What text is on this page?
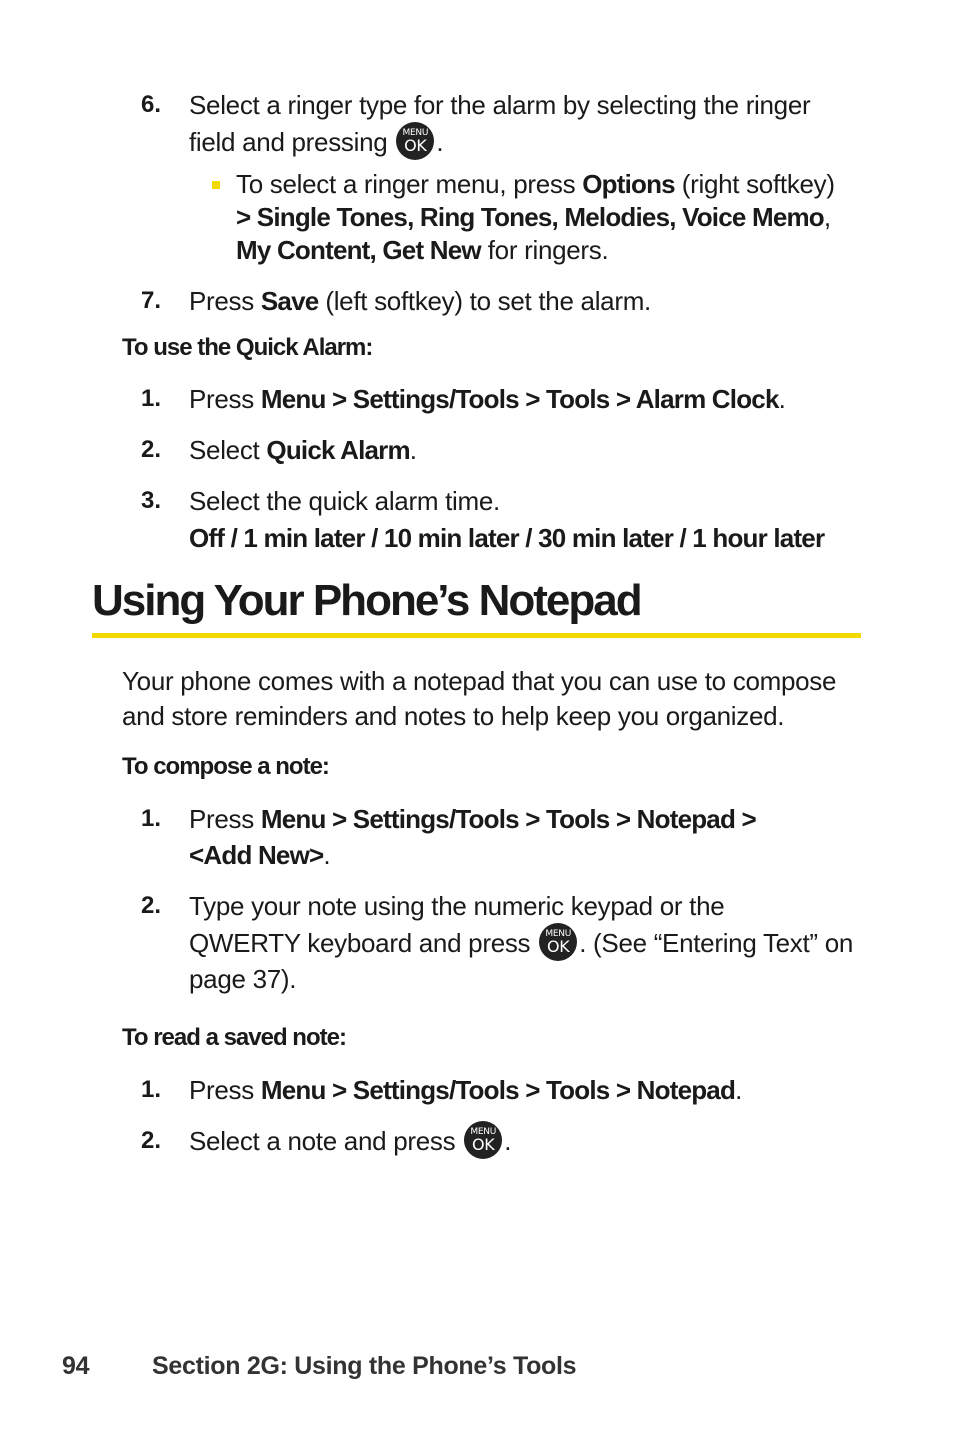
6. Select a ringer type for the alarm by selecting the ringer
field and pressing	MENU
OK .
To select a ringer menu, press Options (right softkey)
> Single Tones, Ring Tones, Melodies, Voice Memo,
My Content, Get New for ringers.
7. Press Save (left softkey) to set the alarm.
To use the Quick Alarm:
1. Press Menu > Settings/Tools > Tools > Alarm Clock.
2. Select Quick Alarm.
3. Select the quick alarm time.
Off / 1 min later / 10 min later / 30 min later / 1 hour later
Using Your Phone’s Notepad
Your phone comes with a notepad that you can use to compose
and store reminders and notes to help keep you organized.
To compose a note:
1. Press Menu > Settings/Tools > Tools > Notepad >
<Add New>.
2. Type your note using the numeric keypad or the
QWERTY keyboard and press	MENU
OK . (See “Entering Text” on
page 37).
To read a saved note:
1. Press Menu > Settings/Tools > Tools > Notepad.
2. Select a note and press	MENU
OK .
94	Section 2G: Using the Phone’s Tools
